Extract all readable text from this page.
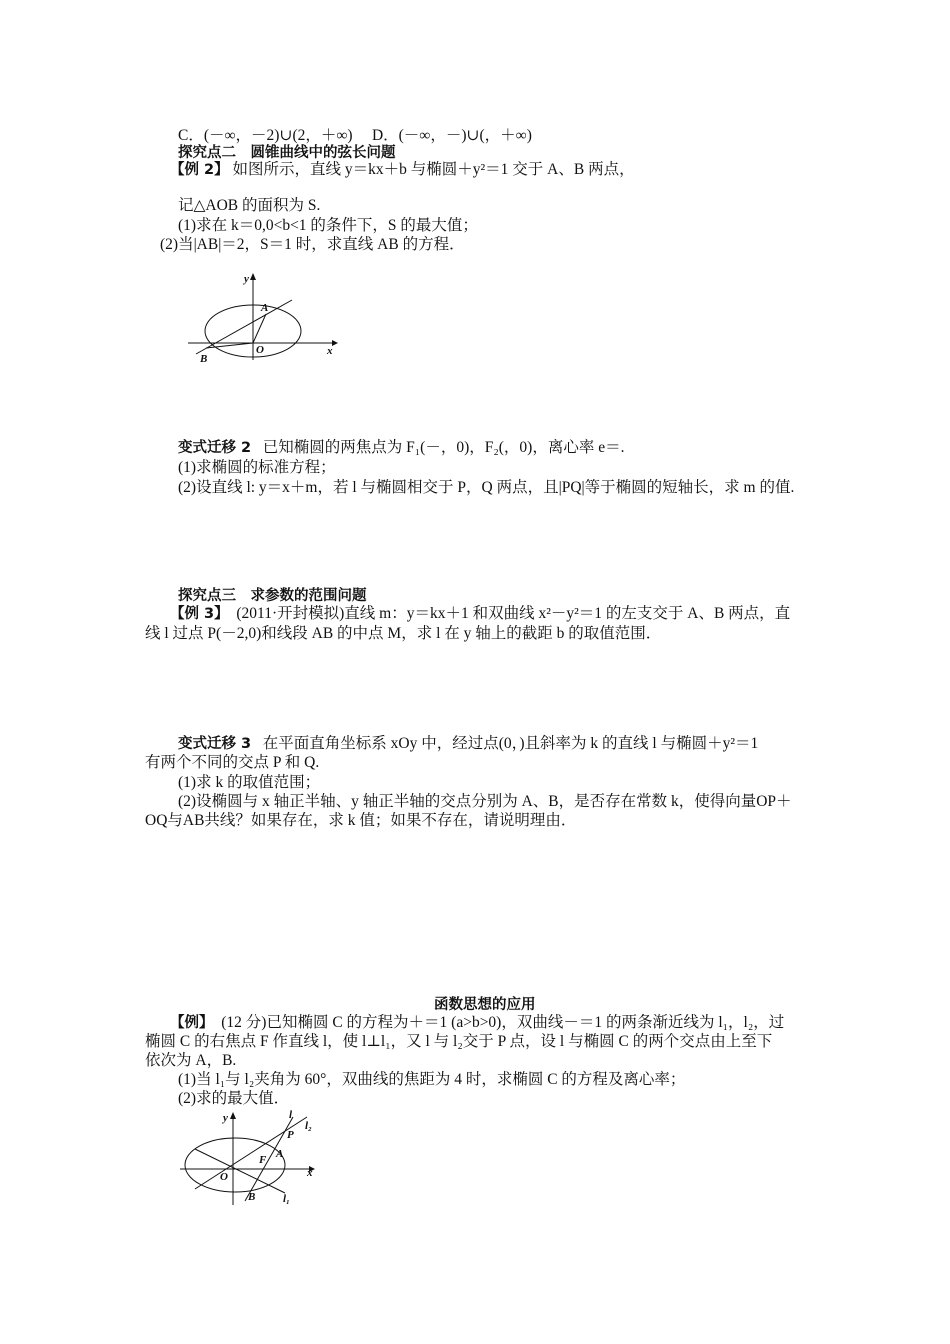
C．(－∞，－2)∪(2，＋∞)　 D．(－∞，－)∪(，＋∞)
探究点二　圆锥曲线中的弦长问题
【例 2】 如图所示，直线 y＝kx＋b 与椭圆＋y²＝1 交于 A、B 两点，
记△AOB 的面积为 S.
(1)求在 k＝0,0<b<1 的条件下，S 的最大值；
(2)当|AB|＝2，S＝1 时，求直线 AB 的方程．
y
A
O
B
x
变式迁移 2 已知椭圆的两焦点为 F₁(－，0)，F₂(，0)，离心率 e＝.
(1)求椭圆的标准方程；
(2)设直线 l: y＝x＋m，若 l 与椭圆相交于 P，Q 两点，且|PQ|等于椭圆的短轴长，求 m 的值.
探究点三　求参数的范围问题
【例 3】 (2011·开封模拟)直线 m：y＝kx＋1 和双曲线 x²－y²＝1 的左支交于 A、B 两点，直
线 l 过点 P(－2,0)和线段 AB 的中点 M，求 l 在 y 轴上的截距 b 的取值范围．
变式迁移 3 在平面直角坐标系 xOy 中，经过点(0，)且斜率为 k 的直线 l 与椭圆＋y²＝1
有两个不同的交点 P 和 Q.
(1)求 k 的取值范围；
(2)设椭圆与 x 轴正半轴、y 轴正半轴的交点分别为 A、B，是否存在常数 k，使得向量OP＋
OQ与AB共线？如果存在，求 k 值；如果不存在，请说明理由．
函数思想的应用
【例】 (12 分)已知椭圆 C 的方程为＋＝1 (a>b>0)，双曲线－＝1 的两条渐近线为 l₁，l₂，过
椭圆 C 的右焦点 F 作直线 l，使 l⊥l₁，又 l 与 l₂交于 P 点，设 l 与椭圆 C 的两个交点由上至下
依次为 A，B.
(1)当 l₁与 l₂夹角为 60°，双曲线的焦距为 4 时，求椭圆 C 的方程及离心率；
(2)求的最大值．
y	l
l₂
P
A
F
O	x
B	l₁
